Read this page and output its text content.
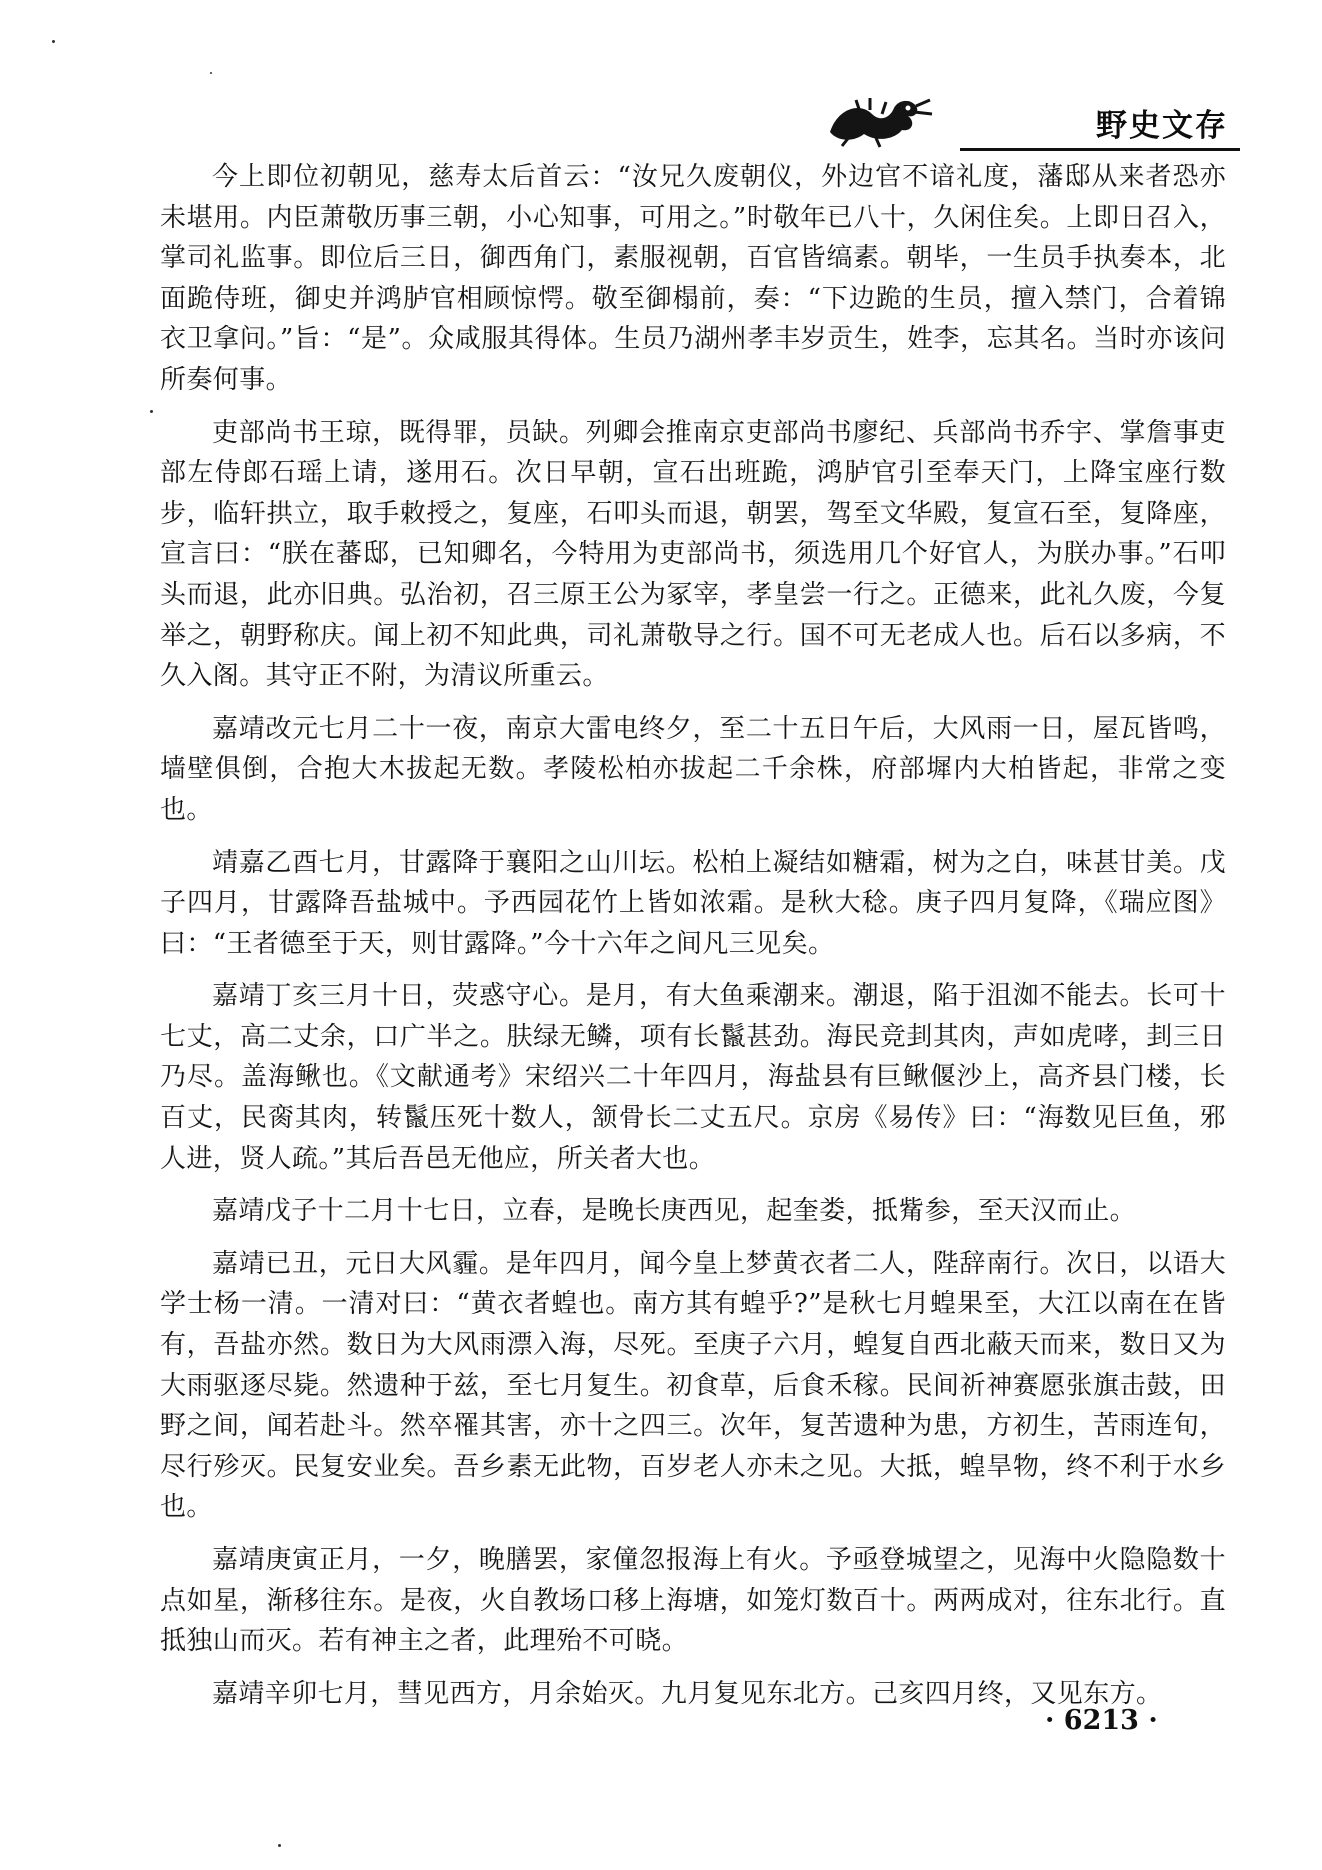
野史文存

今上即位初朝见，慈寿太后首云：“汝兄久废朝仪，外边官不谙礼度，藩邸从来者恐亦未堪用。内臣萧敬历事三朝，小心知事，可用之。”时敬年已八十，久闲住矣。上即日召入，掌司礼监事。即位后三日，御西角门，素服视朝，百官皆缟素。朝毕，一生员手执奏本，北面跪侍班，御史并鸿胪官相顾惊愕。敬至御榻前，奏：“下边跪的生员，擅入禁门，合着锦衣卫拿问。”旨：“是”。众咸服其得体。生员乃湖州孝丰岁贡生，姓李，忘其名。当时亦该问所奏何事。

吏部尚书王琼，既得罪，员缺。列卿会推南京吏部尚书廖纪、兵部尚书乔宇、掌詹事吏部左侍郎石瑶上请，遂用石。次日早朝，宣石出班跪，鸿胪官引至奉天门，上降宝座行数步，临轩拱立，取手敕授之，复座，石叩头而退，朝罢，驾至文华殿，复宣石至，复降座，宣言曰：“朕在蕃邸，已知卿名，今特用为吏部尚书，须选用几个好官人，为朕办事。”石叩头而退，此亦旧典。弘治初，召三原王公为冢宰，孝皇尝一行之。正德来，此礼久废，今复举之，朝野称庆。闻上初不知此典，司礼萧敬导之行。国不可无老成人也。后石以多病，不久入阁。其守正不附，为清议所重云。

嘉靖改元七月二十一夜，南京大雷电终夕，至二十五日午后，大风雨一日，屋瓦皆鸣，墙壁俱倒，合抱大木拔起无数。孝陵松柏亦拔起二千余株，府部墀内大柏皆起，非常之变也。

靖嘉乙酉七月，甘露降于襄阳之山川坛。松柏上凝结如糖霜，树为之白，味甚甘美。戊子四月，甘露降吾盐城中。予西园花竹上皆如浓霜。是秋大稔。庚子四月复降，《瑞应图》曰：“王者德至于天，则甘露降。”今十六年之间凡三见矣。

嘉靖丁亥三月十日，荧惑守心。是月，有大鱼乘潮来。潮退，陷于沮洳不能去。长可十七丈，高二丈余，口广半之。肤绿无鳞，项有长鬣甚劲。海民竞刲其肉，声如虎哮，刲三日乃尽。盖海鳅也。《文献通考》宋绍兴二十年四月，海盐县有巨鳅偃沙上，高齐县门楼，长百丈，民脔其肉，转鬣压死十数人，颔骨长二丈五尺。京房《易传》曰：“海数见巨鱼，邪人进，贤人疏。”其后吾邑无他应，所关者大也。

嘉靖戊子十二月十七日，立春，是晚长庚西见，起奎娄，抵觜参，至天汉而止。

嘉靖已丑，元日大风霾。是年四月，闻今皇上梦黄衣者二人，陛辞南行。次日，以语大学士杨一清。一清对曰：“黄衣者蝗也。南方其有蝗乎?”是秋七月蝗果至，大江以南在在皆有，吾盐亦然。数日为大风雨漂入海，尽死。至庚子六月，蝗复自西北蔽天而来，数日又为大雨驱逐尽毙。然遗种于兹，至七月复生。初食草，后食禾稼。民间祈神赛愿张旗击鼓，田野之间，闻若赴斗。然卒罹其害，亦十之四三。次年，复苦遗种为患，方初生，苦雨连旬，尽行殄灭。民复安业矣。吾乡素无此物，百岁老人亦未之见。大抵，蝗旱物，终不利于水乡也。

嘉靖庚寅正月，一夕，晚膳罢，家僮忽报海上有火。予亟登城望之，见海中火隐隐数十点如星，渐移往东。是夜，火自教场口移上海塘，如笼灯数百十。两两成对，往东北行。直抵独山而灭。若有神主之者，此理殆不可晓。

嘉靖辛卯七月，彗见西方，月余始灭。九月复见东北方。己亥四月终，又见东方。

· 6213 ·
